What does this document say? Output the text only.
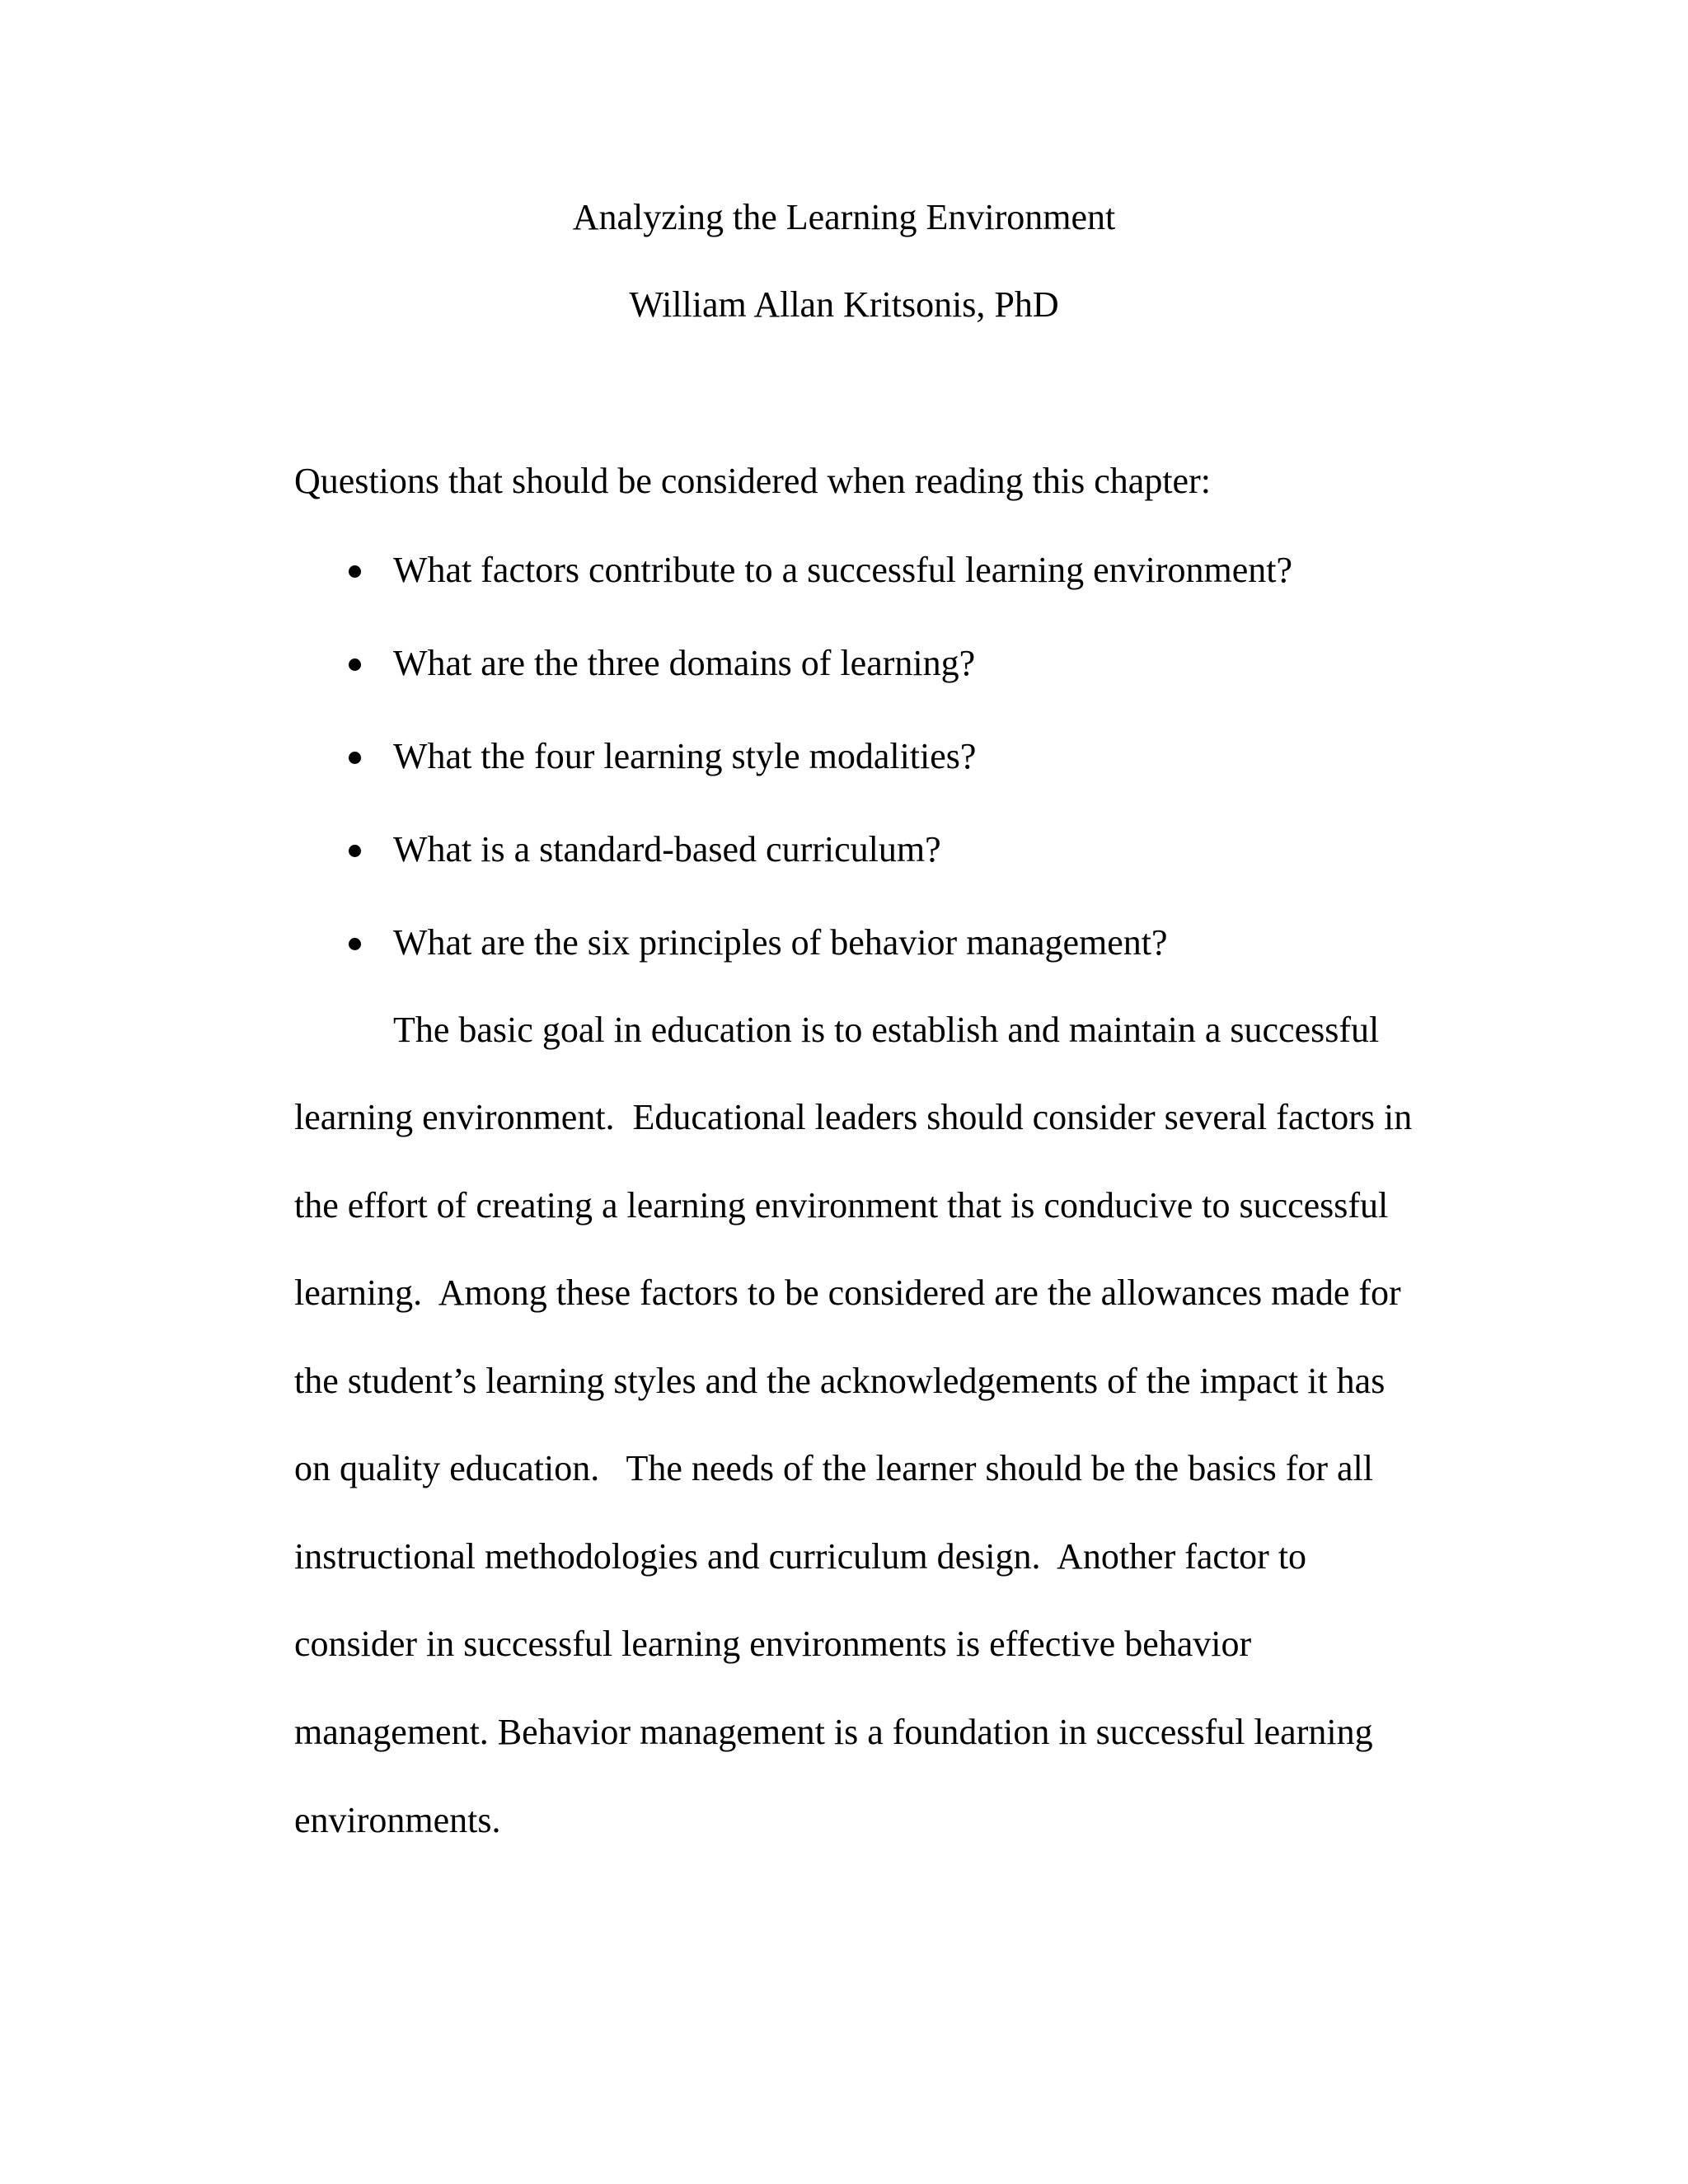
Analyzing the Learning Environment
William Allan Kritsonis, PhD
Questions that should be considered when reading this chapter:
What factors contribute to a successful learning environment?
What are the three domains of learning?
What the four learning style modalities?
What is a standard-based curriculum?
What are the six principles of behavior management?
The basic goal in education is to establish and maintain a successful
learning environment.  Educational leaders should consider several factors in
the effort of creating a learning environment that is conducive to successful
learning.  Among these factors to be considered are the allowances made for
the student’s learning styles and the acknowledgements of the impact it has
on quality education.   The needs of the learner should be the basics for all
instructional methodologies and curriculum design.  Another factor to
consider in successful learning environments is effective behavior
management. Behavior management is a foundation in successful learning
environments.
